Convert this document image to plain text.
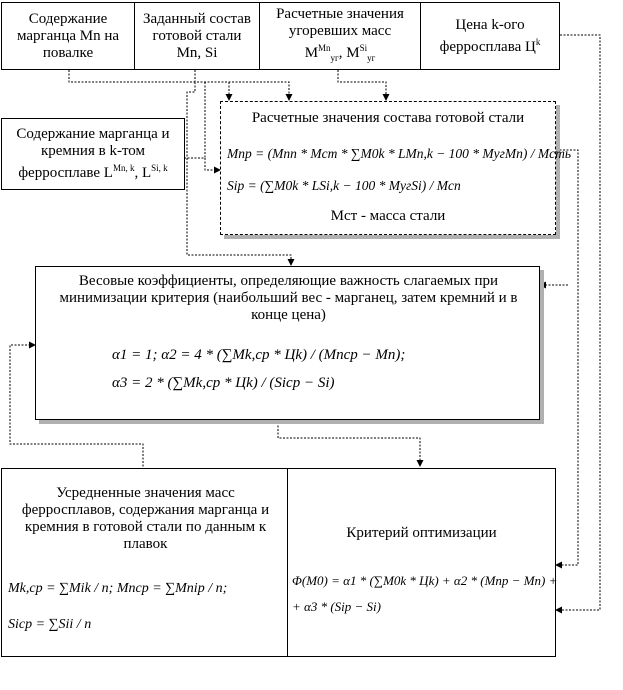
Содержание марганца Mn на повалке
Заданный состав готовой стали
Mn, Si
Расчетные значения угоревших масс
$M^{Mn}_{уг}$, $M^{Si}_{уг}$
Цена k-ого ферросплава $Ц^k$
Содержание марганца и
кремния в k-том
ферросплаве $L^{Mn, k}$, $L^{Si, k}$
Расчетные значения состава готовой стали
Mnp = (Mnп * Mст * ∑M0k * LMn,k − 100 * MугMn) / Mсть
Sip = (∑M0k * LSi,k − 100 * MугSi) / Mсп
Mст - масса стали
Весовые коэффициенты, определяющие важность слагаемых при минимизации критерия (наибольший вес - марганец, затем кремний и в конце цена)
α1 = 1; α2 = 4 * (∑Mk,cp * Цk) / (Mncp − Mn);
α3 = 2 * (∑Mk,cp * Цk) / (Sicp − Si)
Усредненные значения масс ферросплавов, содержания марганца и кремния в готовой стали по данным к плавок
Mk,cp = ∑Mik / n; Mncp = ∑Mnip / n;
Sicp = ∑Sii / n
Критерий оптимизации
Φ(M0) = α1 * (∑M0k * Цk) + α2 * (Mnp − Mn) +
+ α3 * (Sip − Si)
